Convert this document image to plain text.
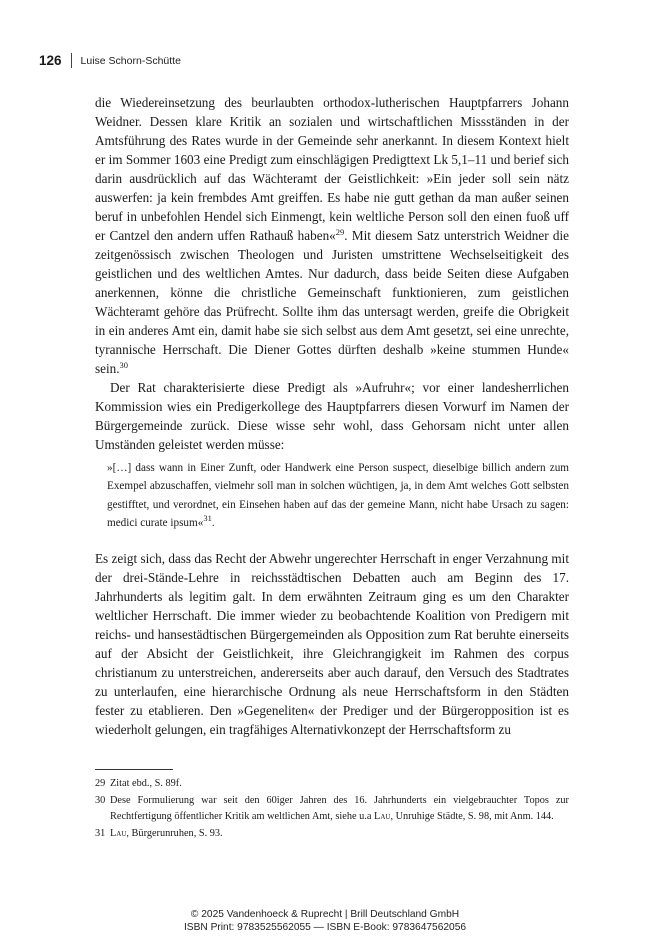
126 Luise Schorn-Schütte

die Wiedereinsetzung des beurlaubten orthodox-lutherischen Hauptpfarrers Johann Weidner. Dessen klare Kritik an sozialen und wirtschaftlichen Missständen in der Amtsführung des Rates wurde in der Gemeinde sehr anerkannt. In diesem Kontext hielt er im Sommer 1603 eine Predigt zum einschlägigen Predigttext Lk 5,1–11 und berief sich darin ausdrücklich auf das Wächteramt der Geistlichkeit: »Ein jeder soll sein nätz auswerfen: ja kein frembdes Amt greiffen. Es habe nie gutt gethan da man außer seinen beruf in unbefohlen Hendel sich Einmengt, kein weltliche Person soll den einen fuoß uff er Cantzel den andern uffen Rathauß haben«$^{29}$. Mit diesem Satz unterstrich Weidner die zeitgenössisch zwischen Theologen und Juristen umstrittene Wechselseitigkeit des geistlichen und des weltlichen Amtes. Nur dadurch, dass beide Seiten diese Aufgaben anerkennen, könne die christliche Gemeinschaft funktionieren, zum geistlichen Wächteramt gehöre das Prüfrecht. Sollte ihm das untersagt werden, greife die Obrigkeit in ein anderes Amt ein, damit habe sie sich selbst aus dem Amt gesetzt, sei eine unrechte, tyrannische Herrschaft. Die Diener Gottes dürften deshalb »keine stummen Hunde« sein.$^{30}$

Der Rat charakterisierte diese Predigt als »Aufruhr«; vor einer landesherrlichen Kommission wies ein Predigerkollege des Hauptpfarrers diesen Vorwurf im Namen der Bürgergemeinde zurück. Diese wisse sehr wohl, dass Gehorsam nicht unter allen Umständen geleistet werden müsse:

»[…] dass wann in Einer Zunft, oder Handwerk eine Person suspect, dieselbige billich andern zum Exempel abzuschaffen, vielmehr soll man in solchen wüchtigen, ja, in dem Amt welches Gott selbsten gestifftet, und verordnet, ein Einsehen haben auf das der gemeine Mann, nicht habe Ursach zu sagen: medici curate ipsum«$^{31}$.
Es zeigt sich, dass das Recht der Abwehr ungerechter Herrschaft in enger Verzahnung mit der drei-Stände-Lehre in reichsstädtischen Debatten auch am Beginn des 17. Jahrhunderts als legitim galt. In dem erwähnten Zeitraum ging es um den Charakter weltlicher Herrschaft. Die immer wieder zu beobachtende Koalition von Predigern mit reichs- und hansestädtischen Bürgergemeinden als Opposition zum Rat beruhte einerseits auf der Absicht der Geistlichkeit, ihre Gleichrangigkeit im Rahmen des corpus christianum zu unterstreichen, andererseits aber auch darauf, den Versuch des Stadtrates zu unterlaufen, eine hierarchische Ordnung als neue Herrschaftsform in den Städten fester zu etablieren. Den »Gegeneliten« der Prediger und der Bürgeropposition ist es wiederholt gelungen, ein tragfähiges Alternativkonzept der Herrschaftsform zu
29 Zitat ebd., S. 89f.
30 Dese Formulierung war seit den 60iger Jahren des 16. Jahrhunderts ein vielgebrauchter Topos zur Rechtfertigung öffentlicher Kritik am weltlichen Amt, siehe u.a Lau, Unruhige Städte, S. 98, mit Anm. 144.
31 Lau, Bürgerunruhen, S. 93.
© 2025 Vandenhoeck & Ruprecht | Brill Deutschland GmbH
ISBN Print: 9783525562055 — ISBN E-Book: 9783647562056
